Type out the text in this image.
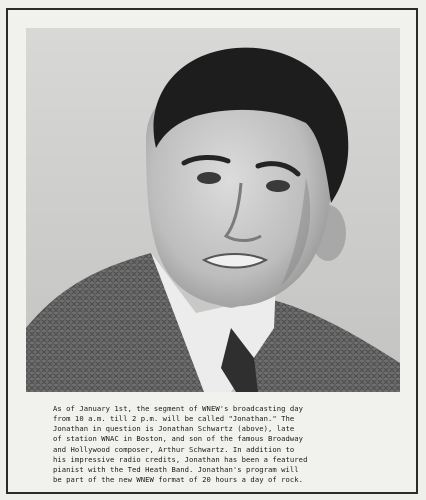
As of January 1st, the segment of WNEW's broadcasting day
from 10 a.m. till 2 p.m. will be called "Jonathan." The
Jonathan in question is Jonathan Schwartz (above), late
of station WNAC in Boston, and son of the famous Broadway
and Hollywood composer, Arthur Schwartz. In addition to
his impressive radio credits, Jonathan has been a featured
pianist with the Ted Heath Band. Jonathan's program will
be part of the new WNEW format of 20 hours a day of rock.
